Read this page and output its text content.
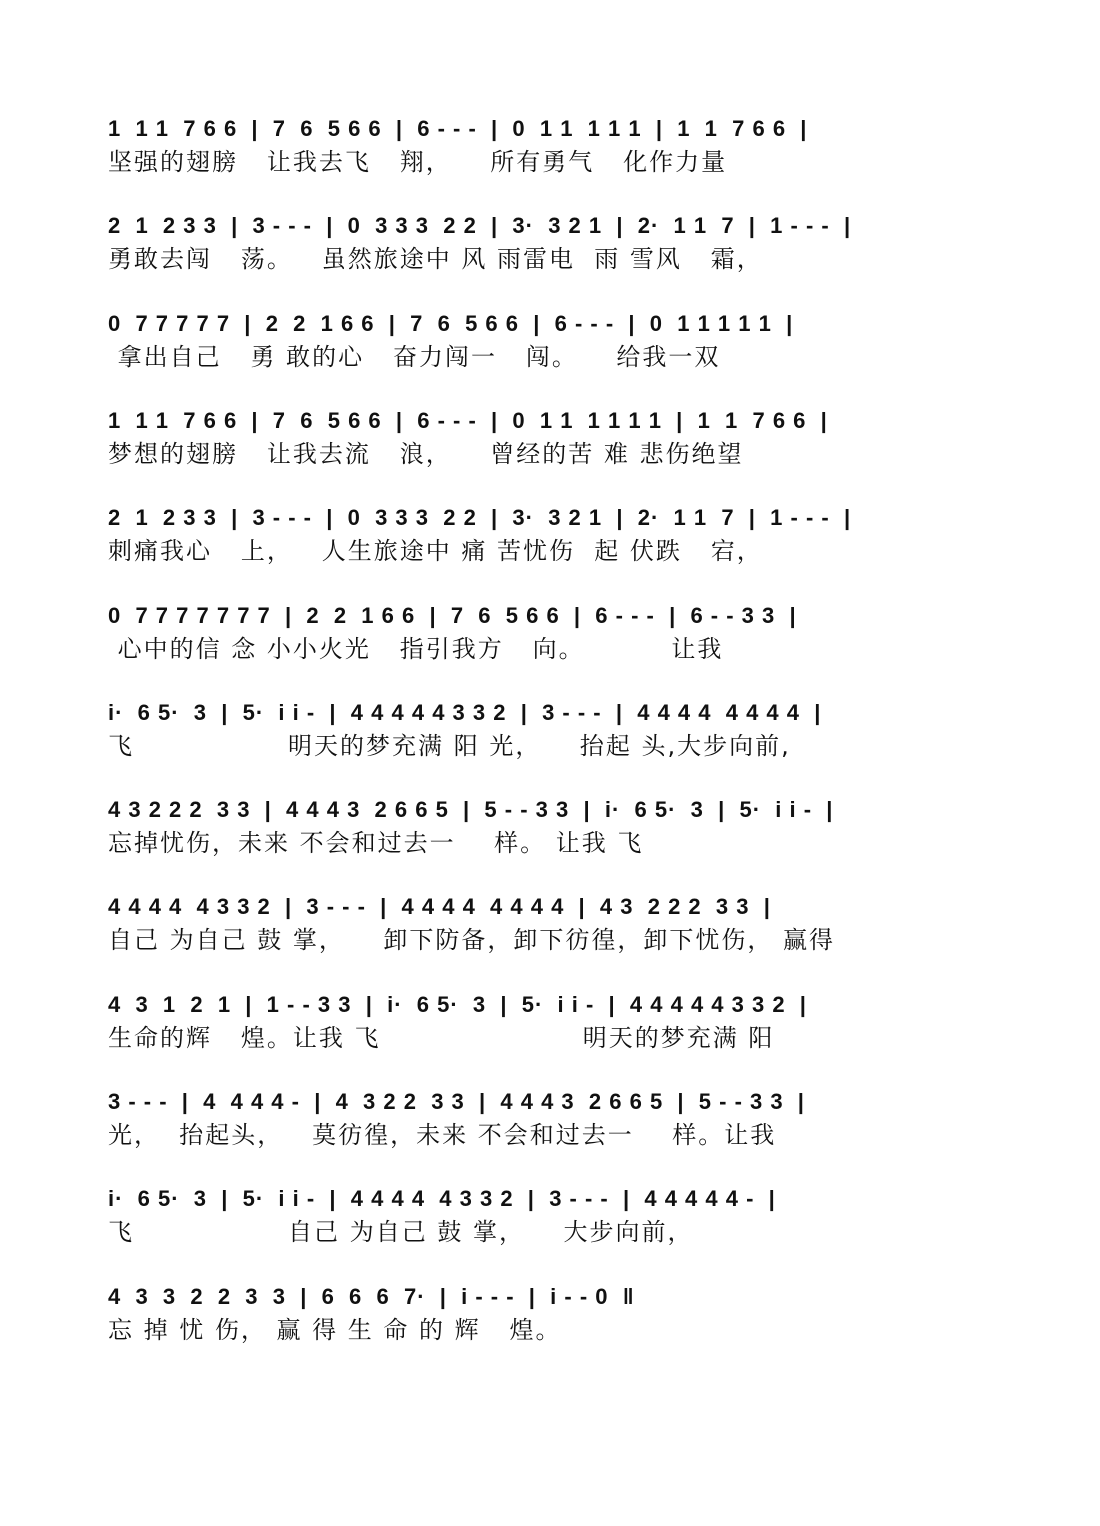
1  1 1  7 6 6  |  7  6  5 6 6  |  6 - - -  |  0  1 1  1 1 1  |  1  1  7 6 6  |
坚强的翅膀   让我去飞   翔，    所有勇气   化作力量
2  1  2 3 3  |  3 - - -  |  0  3 3 3  2 2  |  3·  3 2 1  |  2·  1 1  7  |  1 - - -  |
勇敢去闯   荡。   虽然旅途中 风 雨雷电  雨 雪风   霜，
0  7 7 7 7 7  |  2  2  1 6 6  |  7  6  5 6 6  |  6 - - -  |  0  1 1 1 1 1  |
拿出自己   勇 敢的心   奋力闯一   闯。    给我一双
1  1 1  7 6 6  |  7  6  5 6 6  |  6 - - -  |  0  1 1  1 1 1 1  |  1  1  7 6 6  |
梦想的翅膀   让我去流   浪，    曾经的苦 难 悲伤绝望
2  1  2 3 3  |  3 - - -  |  0  3 3 3  2 2  |  3·  3 2 1  |  2·  1 1  7  |  1 - - -  |
刺痛我心   上，   人生旅途中 痛 苦忧伤  起 伏跌   宕，
0  7 7 7 7 7 7 7  |  2  2  1 6 6  |  7  6  5 6 6  |  6 - - -  |  6 - - 3 3  |
心中的信 念 小小火光   指引我方   向。         让我
i·  6 5·  3  |  5·  i i -  |  4 4 4 4 4 3 3 2  |  3 - - -  |  4 4 4 4  4 4 4 4  |
飞                明天的梦充满 阳 光，    抬起 头,大步向前,
4 3 2 2 2  3 3  |  4 4 4 3  2 6 6 5  |  5 - - 3 3  |  i·  6 5·  3  |  5·  i i -  |
忘掉忧伤，未来 不会和过去一    样。 让我 飞
4 4 4 4  4 3 3 2  |  3 - - -  |  4 4 4 4  4 4 4 4  |  4 3  2 2 2  3 3  |
自己 为自己 鼓 掌，    卸下防备，卸下彷徨，卸下忧伤， 赢得
4  3  1  2  1  |  1 - - 3 3  |  i·  6 5·  3  |  5·  i i -  |  4 4 4 4 4 3 3 2  |
生命的辉   煌。让我 飞                     明天的梦充满 阳
3 - - -  |  4  4 4 4 -  |  4  3 2 2  3 3  |  4 4 4 3  2 6 6 5  |  5 - - 3 3  |
光，  抬起头，   莫彷徨，未来 不会和过去一    样。让我
i·  6 5·  3  |  5·  i i -  |  4 4 4 4  4 3 3 2  |  3 - - -  |  4 4 4 4 4 -  |
飞                自己 为自己 鼓 掌，    大步向前，
4  3  3  2  2  3  3  |  6  6  6  7·  |  i - - -  |  i - - 0  ‖
忘 掉 忧 伤， 赢 得 生 命 的 辉   煌。
